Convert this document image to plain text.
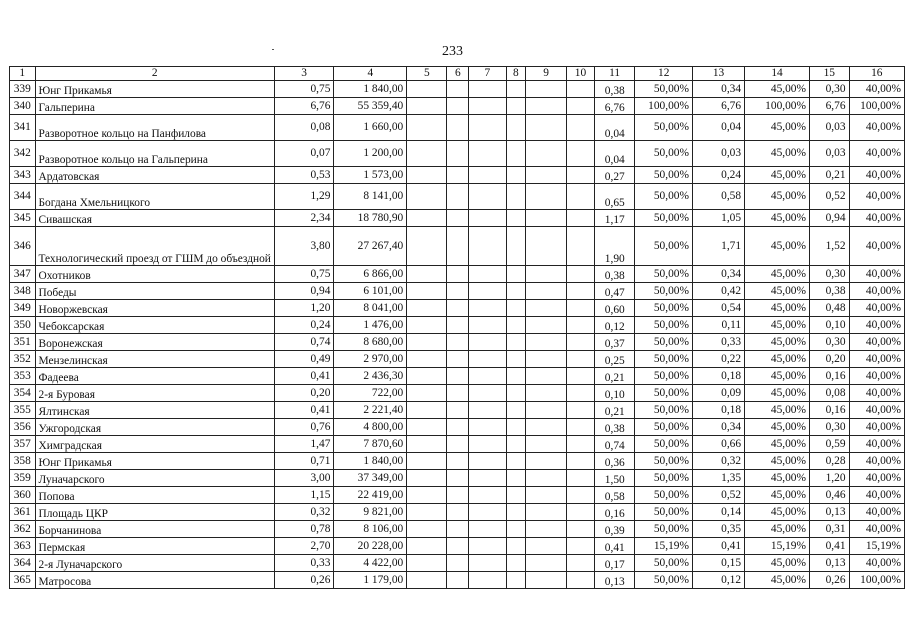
233
1	2	3	4	5	6	7	8	9	10	11	12	13	14	15	16
339	Юнг Прикамья	0,75	1 840,00							0,38	50,00%	0,34	45,00%	0,30	40,00%
340	Гальперина	6,76	55 359,40							6,76	100,00%	6,76	100,00%	6,76	100,00%
341	Разворотное кольцо на Панфилова	0,08	1 660,00							0,04	50,00%	0,04	45,00%	0,03	40,00%
342	Разворотное кольцо на Гальперина	0,07	1 200,00							0,04	50,00%	0,03	45,00%	0,03	40,00%
343	Ардатовская	0,53	1 573,00							0,27	50,00%	0,24	45,00%	0,21	40,00%
344	Богдана Хмельницкого	1,29	8 141,00							0,65	50,00%	0,58	45,00%	0,52	40,00%
345	Сивашская	2,34	18 780,90							1,17	50,00%	1,05	45,00%	0,94	40,00%
346	Технологический проезд от ГШМ до объездной	3,80	27 267,40							1,90	50,00%	1,71	45,00%	1,52	40,00%
347	Охотников	0,75	6 866,00							0,38	50,00%	0,34	45,00%	0,30	40,00%
348	Победы	0,94	6 101,00							0,47	50,00%	0,42	45,00%	0,38	40,00%
349	Новоржевская	1,20	8 041,00							0,60	50,00%	0,54	45,00%	0,48	40,00%
350	Чебоксарская	0,24	1 476,00							0,12	50,00%	0,11	45,00%	0,10	40,00%
351	Воронежская	0,74	8 680,00							0,37	50,00%	0,33	45,00%	0,30	40,00%
352	Мензелинская	0,49	2 970,00							0,25	50,00%	0,22	45,00%	0,20	40,00%
353	Фадеева	0,41	2 436,30							0,21	50,00%	0,18	45,00%	0,16	40,00%
354	2-я Буровая	0,20	722,00							0,10	50,00%	0,09	45,00%	0,08	40,00%
355	Ялтинская	0,41	2 221,40							0,21	50,00%	0,18	45,00%	0,16	40,00%
356	Ужгородская	0,76	4 800,00							0,38	50,00%	0,34	45,00%	0,30	40,00%
357	Химградская	1,47	7 870,60							0,74	50,00%	0,66	45,00%	0,59	40,00%
358	Юнг Прикамья	0,71	1 840,00							0,36	50,00%	0,32	45,00%	0,28	40,00%
359	Луначарского	3,00	37 349,00							1,50	50,00%	1,35	45,00%	1,20	40,00%
360	Попова	1,15	22 419,00							0,58	50,00%	0,52	45,00%	0,46	40,00%
361	Площадь ЦКР	0,32	9 821,00							0,16	50,00%	0,14	45,00%	0,13	40,00%
362	Борчаниновa	0,78	8 106,00							0,39	50,00%	0,35	45,00%	0,31	40,00%
363	Пермская	2,70	20 228,00							0,41	15,19%	0,41	15,19%	0,41	15,19%
364	2-я Луначарского	0,33	4 422,00							0,17	50,00%	0,15	45,00%	0,13	40,00%
365	Матросова	0,26	1 179,00							0,13	50,00%	0,12	45,00%	0,26	100,00%
